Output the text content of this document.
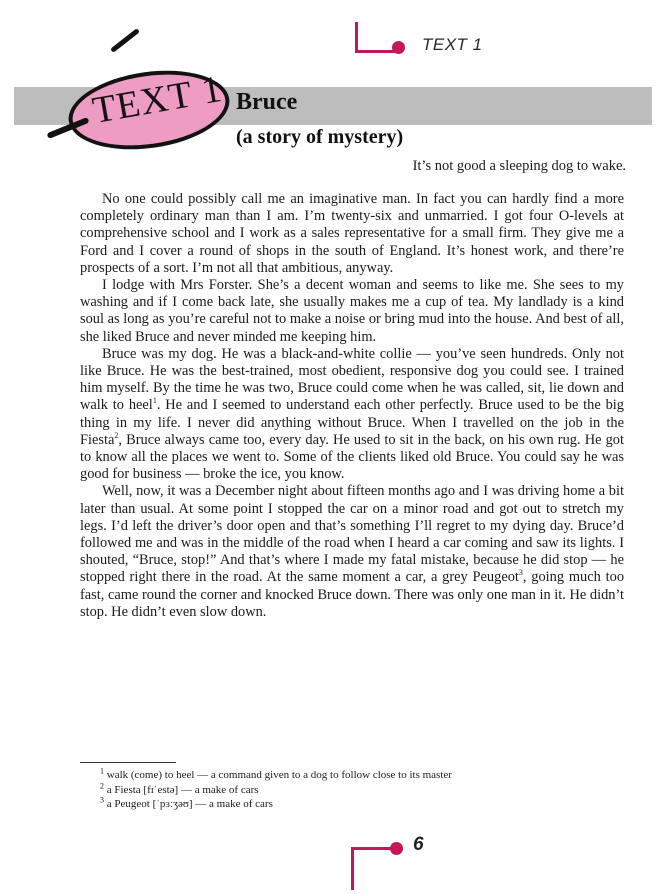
TEXT 1
TEXT 1 Bruce
(a story of mystery)
It’s not good a sleeping dog to wake.

No one could possibly call me an imaginative man. In fact you can hardly find a more completely ordinary man than I am. I’m twenty-six and unmarried. I got four O-levels at comprehensive school and I work as a sales representative for a small firm. They give me a Ford and I cover a round of shops in the south of England. It’s honest work, and there’re prospects of a sort. I’m not all that ambitious, anyway.

I lodge with Mrs Forster. She’s a decent woman and seems to like me. She sees to my washing and if I come back late, she usually makes me a cup of tea. My landlady is a kind soul as long as you’re careful not to make a noise or bring mud into the house. And best of all, she liked Bruce and never minded me keeping him.

Bruce was my dog. He was a black-and-white collie — you’ve seen hundreds. Only not like Bruce. He was the best-trained, most obedient, responsive dog you could see. I trained him myself. By the time he was two, Bruce could come when he was called, sit, lie down and walk to heel$^1$. He and I seemed to understand each other perfectly. Bruce used to be the big thing in my life. I never did anything without Bruce. When I travelled on the job in the Fiesta$^2$, Bruce always came too, every day. He used to sit in the back, on his own rug. He got to know all the places we went to. Some of the clients liked old Bruce. You could say he was good for business — broke the ice, you know.

Well, now, it was a December night about fifteen months ago and I was driving home a bit later than usual. At some point I stopped the car on a minor road and got out to stretch my legs. I’d left the driver’s door open and that’s something I’ll regret to my dying day. Bruce’d followed me and was in the middle of the road when I heard a car coming and saw its lights. I shouted, “Bruce, stop!” And that’s where I made my fatal mistake, because he did stop — he stopped right there in the road. At the same moment a car, a grey Peugeot$^3$, going much too fast, came round the corner and knocked Bruce down. There was only one man in it. He didn’t stop. He didn’t even slow down.

$^1$ walk (come) to heel — a command given to a dog to follow close to its master
$^2$ a Fiesta [fɪˈestə] — a make of cars
$^3$ a Peugeot [ˈpɜːʒəʊ] — a make of cars
6
